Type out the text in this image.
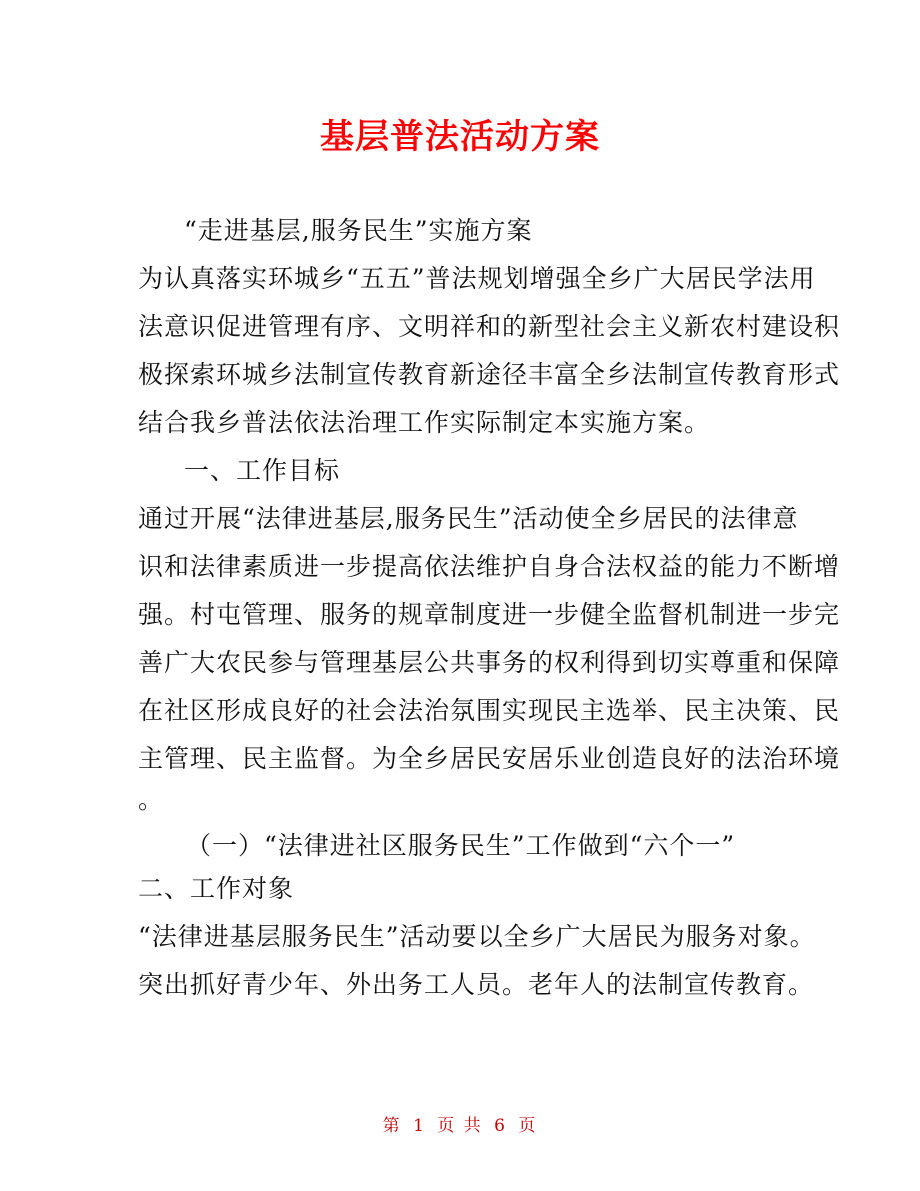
基层普法活动方案
“走进基层,服务民生”实施方案
为认真落实环城乡“五五”普法规划增强全乡广大居民学法用
法意识促进管理有序、文明祥和的新型社会主义新农村建设积
极探索环城乡法制宣传教育新途径丰富全乡法制宣传教育形式
结合我乡普法依法治理工作实际制定本实施方案。
一、工作目标
通过开展“法律进基层,服务民生”活动使全乡居民的法律意
识和法律素质进一步提高依法维护自身合法权益的能力不断增
强。村屯管理、服务的规章制度进一步健全监督机制进一步完
善广大农民参与管理基层公共事务的权利得到切实尊重和保障
在社区形成良好的社会法治氛围实现民主选举、民主决策、民
主管理、民主监督。为全乡居民安居乐业创造良好的法治环境
。
（一）“法律进社区服务民生”工作做到“六个一”
二、工作对象
“法律进基层服务民生”活动要以全乡广大居民为服务对象。
突出抓好青少年、外出务工人员。老年人的法制宣传教育。
第 1 页 共 6 页
